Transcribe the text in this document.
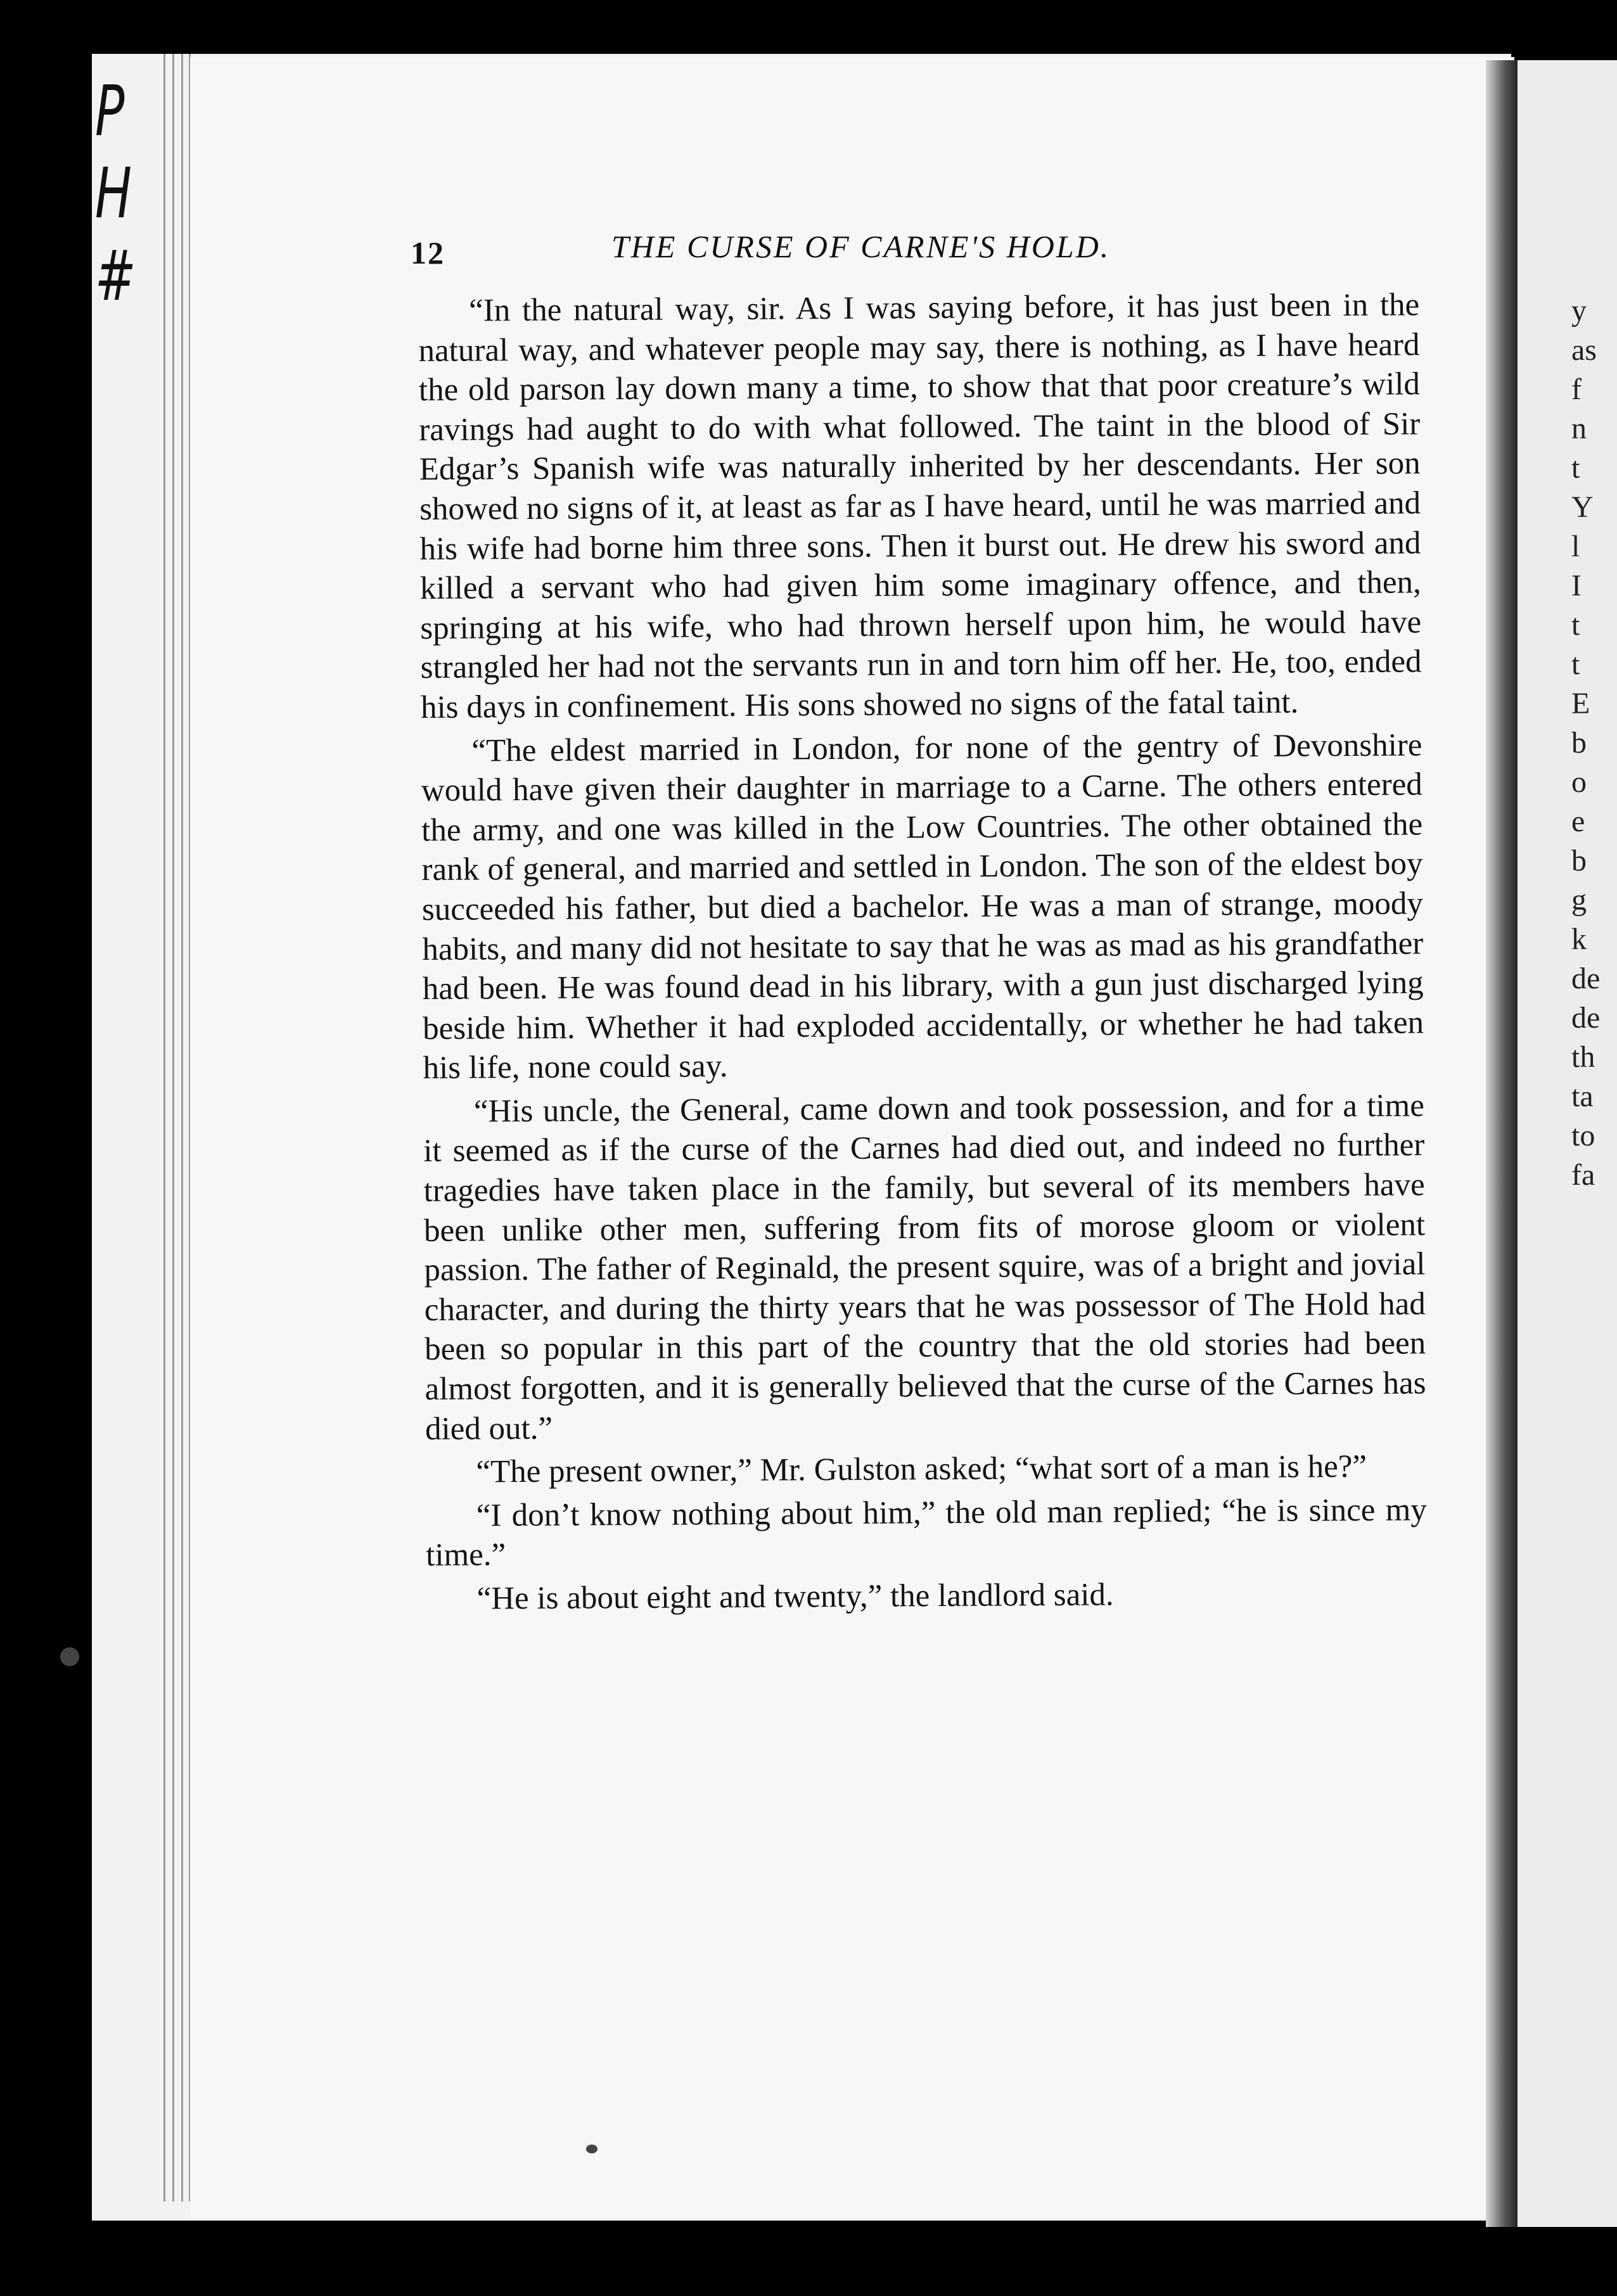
P
H
#	12	THE CURSE OF CARNE'S HOLD.

“In the natural way, sir. As I was saying before, it has just been in the natural way, and whatever people may say, there is nothing, as I have heard the old parson lay down many a time, to show that that poor creature’s wild ravings had aught to do with what followed. The taint in the blood of Sir Edgar’s Spanish wife was naturally inherited by her descendants. Her son showed no signs of it, at least as far as I have heard, until he was married and his wife had borne him three sons. Then it burst out. He drew his sword and killed a servant who had given him some imaginary offence, and then, springing at his wife, who had thrown herself upon him, he would have strangled her had not the servants run in and torn him off her. He, too, ended his days in confinement. His sons showed no signs of the fatal taint.

“The eldest married in London, for none of the gentry of Devonshire would have given their daughter in marriage to a Carne. The others entered the army, and one was killed in the Low Countries. The other obtained the rank of general, and married and settled in London. The son of the eldest boy succeeded his father, but died a bachelor. He was a man of strange, moody habits, and many did not hesitate to say that he was as mad as his grandfather had been. He was found dead in his library, with a gun just discharged lying beside him. Whether it had exploded accidentally, or whether he had taken his life, none could say.

“His uncle, the General, came down and took possession, and for a time it seemed as if the curse of the Carnes had died out, and indeed no further tragedies have taken place in the family, but several of its members have been unlike other men, suffering from fits of morose gloom or violent passion. The father of Reginald, the present squire, was of a bright and jovial character, and during the thirty years that he was possessor of The Hold had been so popular in this part of the country that the old stories had been almost forgotten, and it is generally believed that the curse of the Carnes has died out.”

“The present owner,” Mr. Gulston asked; “what sort of a man is he?”

“I don’t know nothing about him,” the old man replied; “he is since my time.”

“He is about eight and twenty,” the landlord said.

y
as
f
n
t
Y
l
I
t
t
E
b
o
e
b
g
k
de
de
th
ta
to
fa
